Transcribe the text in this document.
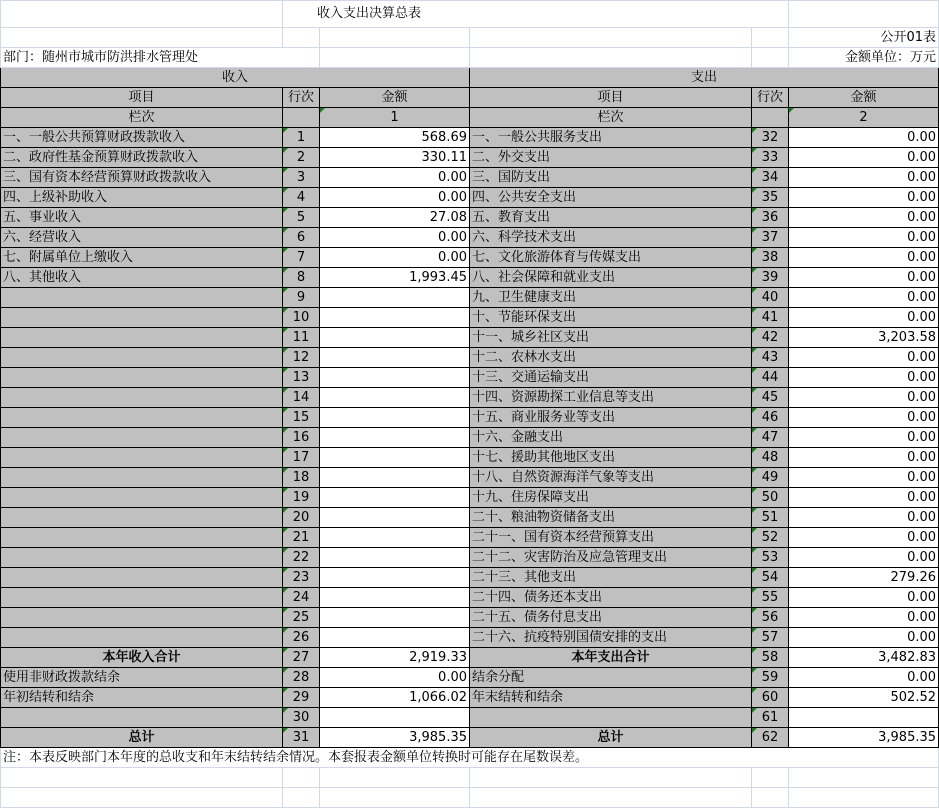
	收入支出决算总表				
					公开01表
部门：随州市城市防洪排水管理处					金额单位：万元
收入			支出		
项目	行次	金额	项目	行次	金额
栏次		1	栏次		2
一、一般公共预算财政拨款收入	1	568.69	一、一般公共服务支出	32	0.00
二、政府性基金预算财政拨款收入	2	330.11	二、外交支出	33	0.00
三、国有资本经营预算财政拨款收入	3	0.00	三、国防支出	34	0.00
四、上级补助收入	4	0.00	四、公共安全支出	35	0.00
五、事业收入	5	27.08	五、教育支出	36	0.00
六、经营收入	6	0.00	六、科学技术支出	37	0.00
七、附属单位上缴收入	7	0.00	七、文化旅游体育与传媒支出	38	0.00
八、其他收入	8	1,993.45	八、社会保障和就业支出	39	0.00
	9		九、卫生健康支出	40	0.00
	10		十、节能环保支出	41	0.00
	11		十一、城乡社区支出	42	3,203.58
	12		十二、农林水支出	43	0.00
	13		十三、交通运输支出	44	0.00
	14		十四、资源勘探工业信息等支出	45	0.00
	15		十五、商业服务业等支出	46	0.00
	16		十六、金融支出	47	0.00
	17		十七、援助其他地区支出	48	0.00
	18		十八、自然资源海洋气象等支出	49	0.00
	19		十九、住房保障支出	50	0.00
	20		二十、粮油物资储备支出	51	0.00
	21		二十一、国有资本经营预算支出	52	0.00
	22		二十二、灾害防治及应急管理支出	53	0.00
	23		二十三、其他支出	54	279.26
	24		二十四、债务还本支出	55	0.00
	25		二十五、债务付息支出	56	0.00
	26		二十六、抗疫特别国债安排的支出	57	0.00
本年收入合计	27	2,919.33	本年支出合计	58	3,482.83
使用非财政拨款结余	28	0.00	结余分配	59	0.00
年初结转和结余	29	1,066.02	年末结转和结余	60	502.52
	30			61	
总计	31	3,985.35	总计	62	3,985.35
注：本表反映部门本年度的总收支和年末结转结余情况。本套报表金额单位转换时可能存在尾数误差。					
